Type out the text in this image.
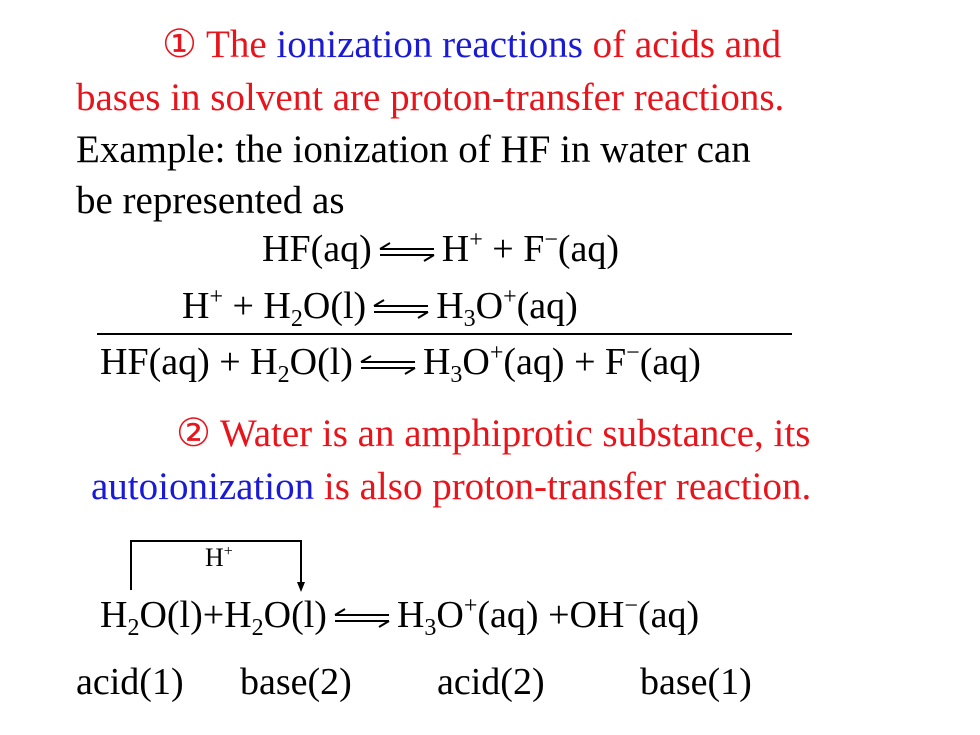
① The ionization reactions of acids and
bases in solvent are proton-transfer reactions.
Example: the ionization of HF in water can
be represented as
HF(aq) ⇌ H+ + F−(aq)
$H^+ + H_2O(l)$ ⇌ $H_3O^+(aq)$
$HF(aq) + H_2O(l)$ ⇌ $H_3O^+(aq) + F^-(aq)$
② Water is an amphiprotic substance, its
autoionization is also proton-transfer reaction.
H+
$H_2O(l)+H_2O(l)$ ⇌ $H_3O^+(aq) +OH^-(aq)$
acid(1) base(2) acid(2)	base(1)
